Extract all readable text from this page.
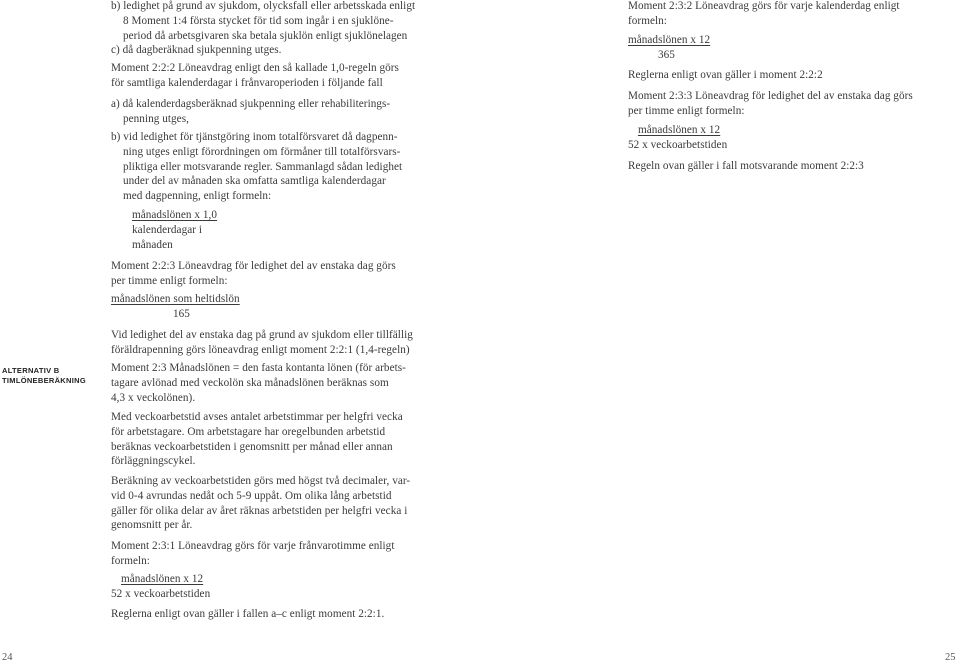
ALTERNATIV B
TIMLÖNEBERÄKNING
b) ledighet på grund av sjukdom, olycksfall eller arbetsskada enligt
8 Moment 1:4 första stycket för tid som ingår i en sjuklöne-
period då arbetsgivaren ska betala sjuklön enligt sjuklönelagen
c) då dagberäknad sjukpenning utges.
Moment 2:2:2 Löneavdrag enligt den så kallade 1,0-regeln görs
för samtliga kalenderdagar i frånvaroperioden i följande fall
a) då kalenderdagsberäknad sjukpenning eller rehabiliterings-
penning utges,
b) vid ledighet för tjänstgöring inom totalförsvaret då dagpenn-
ning utges enligt förordningen om förmåner till totalförsvars-
pliktiga eller motsvarande regler. Sammanlagd sådan ledighet
under del av månaden ska omfatta samtliga kalenderdagar
med dagpenning, enligt formeln:
månadslönen x 1,0
kalenderdagar i
månaden
Moment 2:2:3 Löneavdrag för ledighet del av enstaka dag görs
per timme enligt formeln:
månadslönen som heltidslön
165
Vid ledighet del av enstaka dag på grund av sjukdom eller tillfällig
föräldrapenning görs löneavdrag enligt moment 2:2:1 (1,4-regeln)
Moment 2:3 Månadslönen = den fasta kontanta lönen (för arbets-
tagare avlönad med veckolön ska månadslönen beräknas som
4,3 x veckolönen).
Med veckoarbetstid avses antalet arbetstimmar per helgfri vecka
för arbetstagare. Om arbetstagare har oregelbunden arbetstid
beräknas veckoarbetstiden i genomsnitt per månad eller annan
förläggningscykel.
Beräkning av veckoarbetstiden görs med högst två decimaler, var-
vid 0-4 avrundas nedåt och 5-9 uppåt. Om olika lång arbetstid
gäller för olika delar av året räknas arbetstiden per helgfri vecka i
genomsnitt per år.
Moment 2:3:1 Löneavdrag görs för varje frånvarotimme enligt
formeln:
månadslönen x 12
52 x veckoarbetstiden
Reglerna enligt ovan gäller i fallen a–c enligt moment 2:2:1.
24
Moment 2:3:2 Löneavdrag görs för varje kalenderdag enligt
formeln:
månadslönen x 12
365
Reglerna enligt ovan gäller i moment 2:2:2
Moment 2:3:3 Löneavdrag för ledighet del av enstaka dag görs
per timme enligt formeln:
månadslönen x 12
52 x veckoarbetstiden
Regeln ovan gäller i fall motsvarande moment 2:2:3
25
